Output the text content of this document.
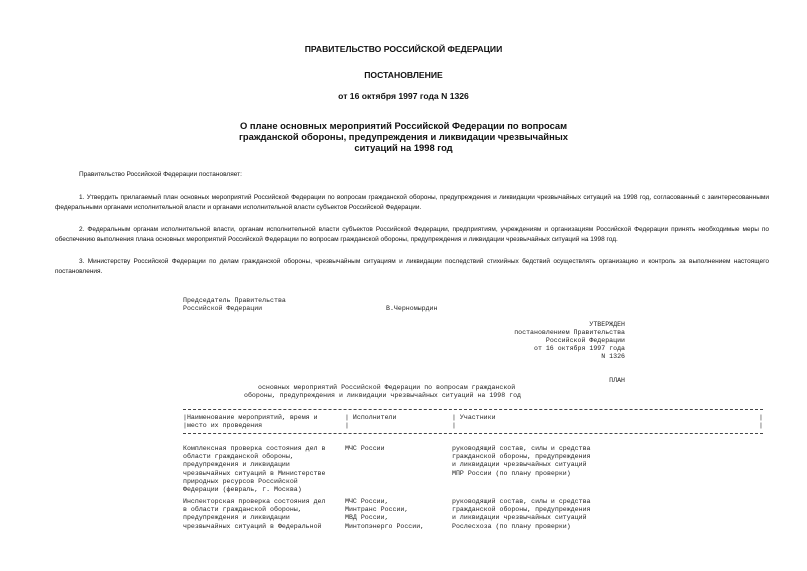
ПРАВИТЕЛЬСТВО РОССИЙСКОЙ ФЕДЕРАЦИИ
ПОСТАНОВЛЕНИЕ
от 16 октября 1997 года N 1326
О плане основных мероприятий Российской Федерации по вопросам
гражданской обороны, предупреждения и ликвидации чрезвычайных
ситуаций на 1998 год
Правительство Российской Федерации постановляет:
1. Утвердить прилагаемый план основных мероприятий Российской Федерации по вопросам гражданской обороны, предупреждения и ликвидации чрезвычайных ситуаций на 1998 год, согласованный с заинтересованными федеральными органами исполнительной власти и органами исполнительной власти субъектов Российской Федерации.
2. Федеральным органам исполнительной власти, органам исполнительной власти субъектов Российской Федерации, предприятиям, учреждениям и организациям Российской Федерации принять необходимые меры по обеспечению выполнения плана основных мероприятий Российской Федерации по вопросам гражданской обороны, предупреждения и ликвидации чрезвычайных ситуаций на 1998 год.
3. Министерству Российской Федерации по делам гражданской обороны, чрезвычайным ситуациям и ликвидации последствий стихийных бедствий осуществлять организацию и контроль за выполнением настоящего постановления.
Председатель Правительства
Российской Федерации	В.Черномырдин
УТВЕРЖДЕН
постановлением Правительства
Российской Федерации
от 16 октября 1997 года
N 1326
ПЛАН
основных мероприятий Российской Федерации по вопросам гражданской
обороны, предупреждения и ликвидации чрезвычайных ситуаций на 1998 год
|Наименование мероприятий, время и
|место их проведения
| Исполнители
|
| Участники
|
|
|
Комплексная проверка состояния дел в
области гражданской обороны,
предупреждения и ликвидации
чрезвычайных ситуаций в Министерстве
природных ресурсов Российской
Федерации (февраль, г. Москва)
МЧС России	руководящий состав, силы и средства
гражданской обороны, предупреждения
и ликвидации чрезвычайных ситуаций
МПР России (по плану проверки)
Инспекторская проверка состояния дел
в области гражданской обороны,
предупреждения и ликвидации
чрезвычайных ситуаций в Федеральной
МЧС России,
Минтранс России,
МВД России,
Минтопэнерго России,
руководящий состав, силы и средства
гражданской обороны, предупреждения
и ликвидации чрезвычайных ситуаций
Рослесхоза (по плану проверки)
